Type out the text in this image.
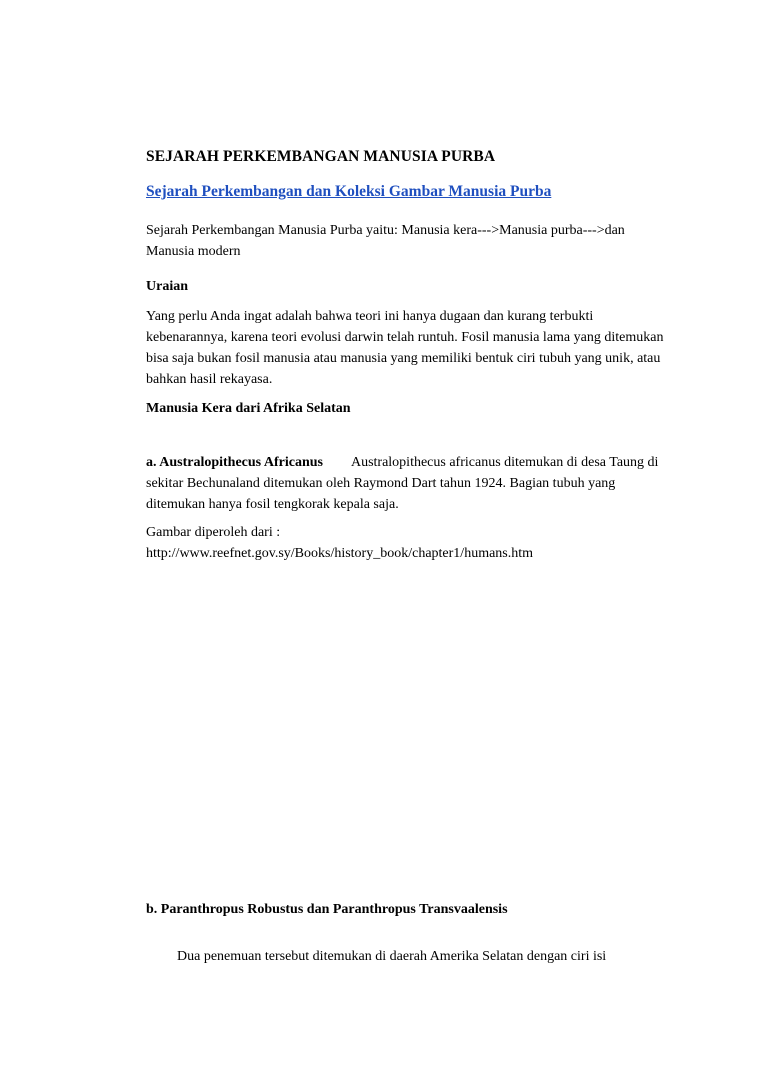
SEJARAH PERKEMBANGAN MANUSIA PURBA
Sejarah Perkembangan dan Koleksi Gambar Manusia Purba

Sejarah Perkembangan Manusia Purba yaitu: Manusia kera--->Manusia purba--->dan Manusia modern

Uraian

Yang perlu Anda ingat adalah bahwa teori ini hanya dugaan dan kurang terbukti kebenarannya, karena teori evolusi darwin telah runtuh. Fosil manusia lama yang ditemukan bisa saja bukan fosil manusia atau manusia yang memiliki bentuk ciri tubuh yang unik, atau bahkan hasil rekayasa.

Manusia Kera dari Afrika Selatan

a. Australopithecus Africanus Australopithecus africanus ditemukan di desa Taung di sekitar Bechunaland ditemukan oleh Raymond Dart tahun 1924. Bagian tubuh yang ditemukan hanya fosil tengkorak kepala saja.

Gambar diperoleh dari :
http://www.reefnet.gov.sy/Books/history_book/chapter1/humans.htm

b. Paranthropus Robustus dan Paranthropus Transvaalensis

Dua penemuan tersebut ditemukan di daerah Amerika Selatan dengan ciri isi
